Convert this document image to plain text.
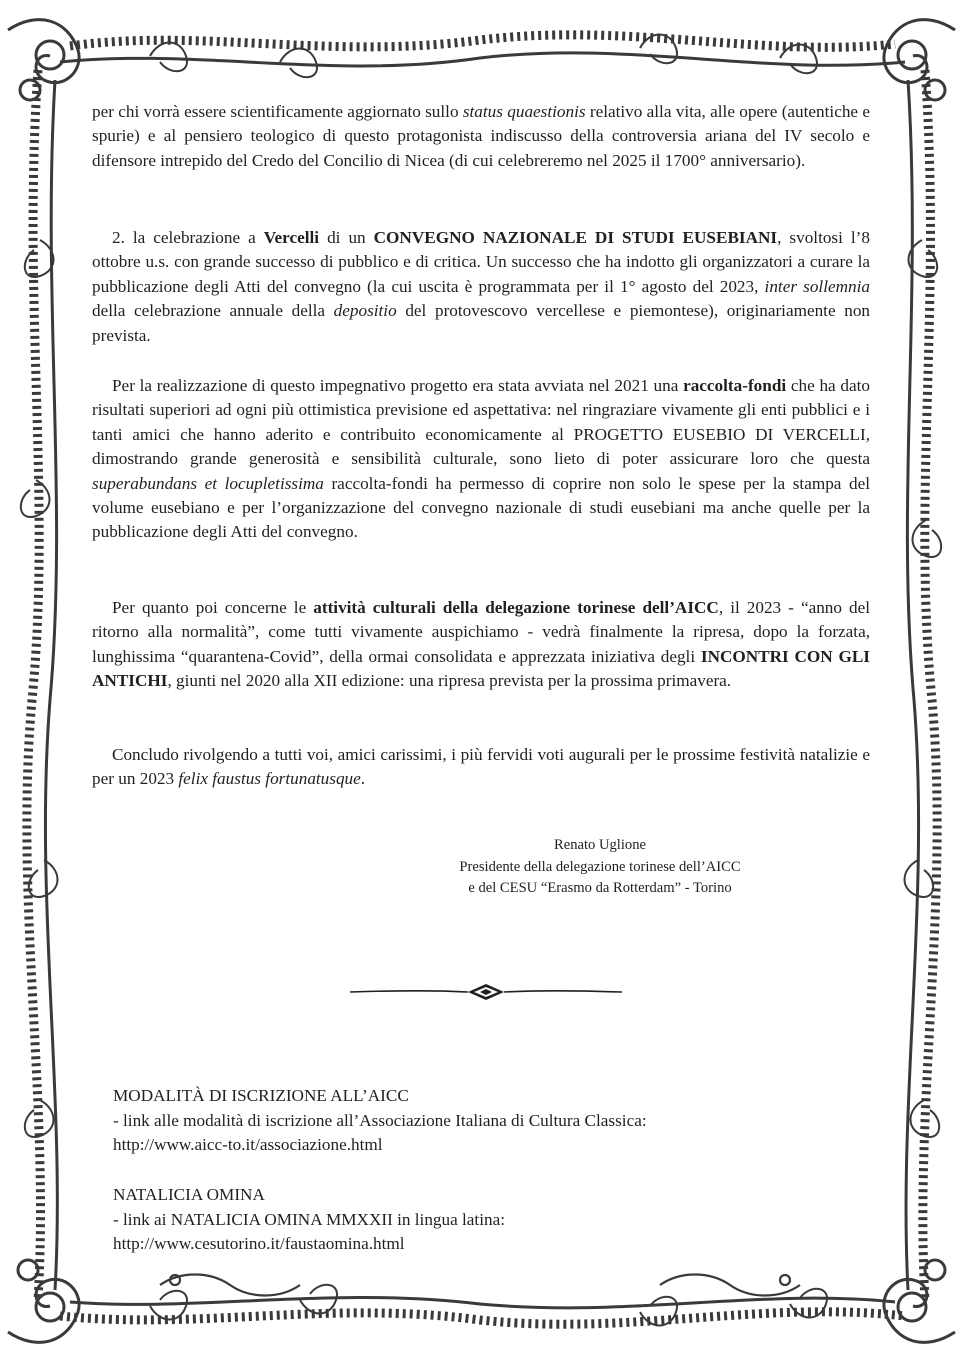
per chi vorrà essere scientificamente aggiornato sullo status quaestionis relativo alla vita, alle opere (autentiche e spurie) e al pensiero teologico di questo protagonista indiscusso della controversia ariana del IV secolo e difensore intrepido del Credo del Concilio di Nicea (di cui celebreremo nel 2025 il 1700° anniversario).

2. la celebrazione a Vercelli di un CONVEGNO NAZIONALE DI STUDI EUSEBIANI, svoltosi l’8 ottobre u.s. con grande successo di pubblico e di critica. Un successo che ha indotto gli organizzatori a curare la pubblicazione degli Atti del convegno (la cui uscita è programmata per il 1° agosto del 2023, inter sollemnia della celebrazione annuale della depositio del protovescovo vercellese e piemontese), originariamente non prevista.

Per la realizzazione di questo impegnativo progetto era stata avviata nel 2021 una raccolta-fondi che ha dato risultati superiori ad ogni più ottimistica previsione ed aspettativa: nel ringraziare vivamente gli enti pubblici e i tanti amici che hanno aderito e contribuito economicamente al PROGETTO EUSEBIO DI VERCELLI, dimostrando grande generosità e sensibilità culturale, sono lieto di poter assicurare loro che questa superabundans et locupletissima raccolta-fondi ha permesso di coprire non solo le spese per la stampa del volume eusebiano e per l’organizzazione del convegno nazionale di studi eusebiani ma anche quelle per la pubblicazione degli Atti del convegno.

Per quanto poi concerne le attività culturali della delegazione torinese dell’AICC, il 2023 - “anno del ritorno alla normalità”, come tutti vivamente auspichiamo - vedrà finalmente la ripresa, dopo la forzata, lunghissima “quarantena-Covid”, della ormai consolidata e apprezzata iniziativa degli INCONTRI CON GLI ANTICHI, giunti nel 2020 alla XII edizione: una ripresa prevista per la prossima primavera.

Concludo rivolgendo a tutti voi, amici carissimi, i più fervidi voti augurali per le prossime festività natalizie e per un 2023 felix faustus fortunatusque.

Renato Uglione
Presidente della delegazione torinese dell’AICC
e del CESU “Erasmo da Rotterdam” - Torino
MODALITÀ DI ISCRIZIONE ALL’AICC
- link alle modalità di iscrizione all’Associazione Italiana di Cultura Classica:
http://www.aicc-to.it/associazione.html
NATALICIA OMINA
- link ai NATALICIA OMINA MMXXII in lingua latina:
http://www.cesutorino.it/faustaomina.html
